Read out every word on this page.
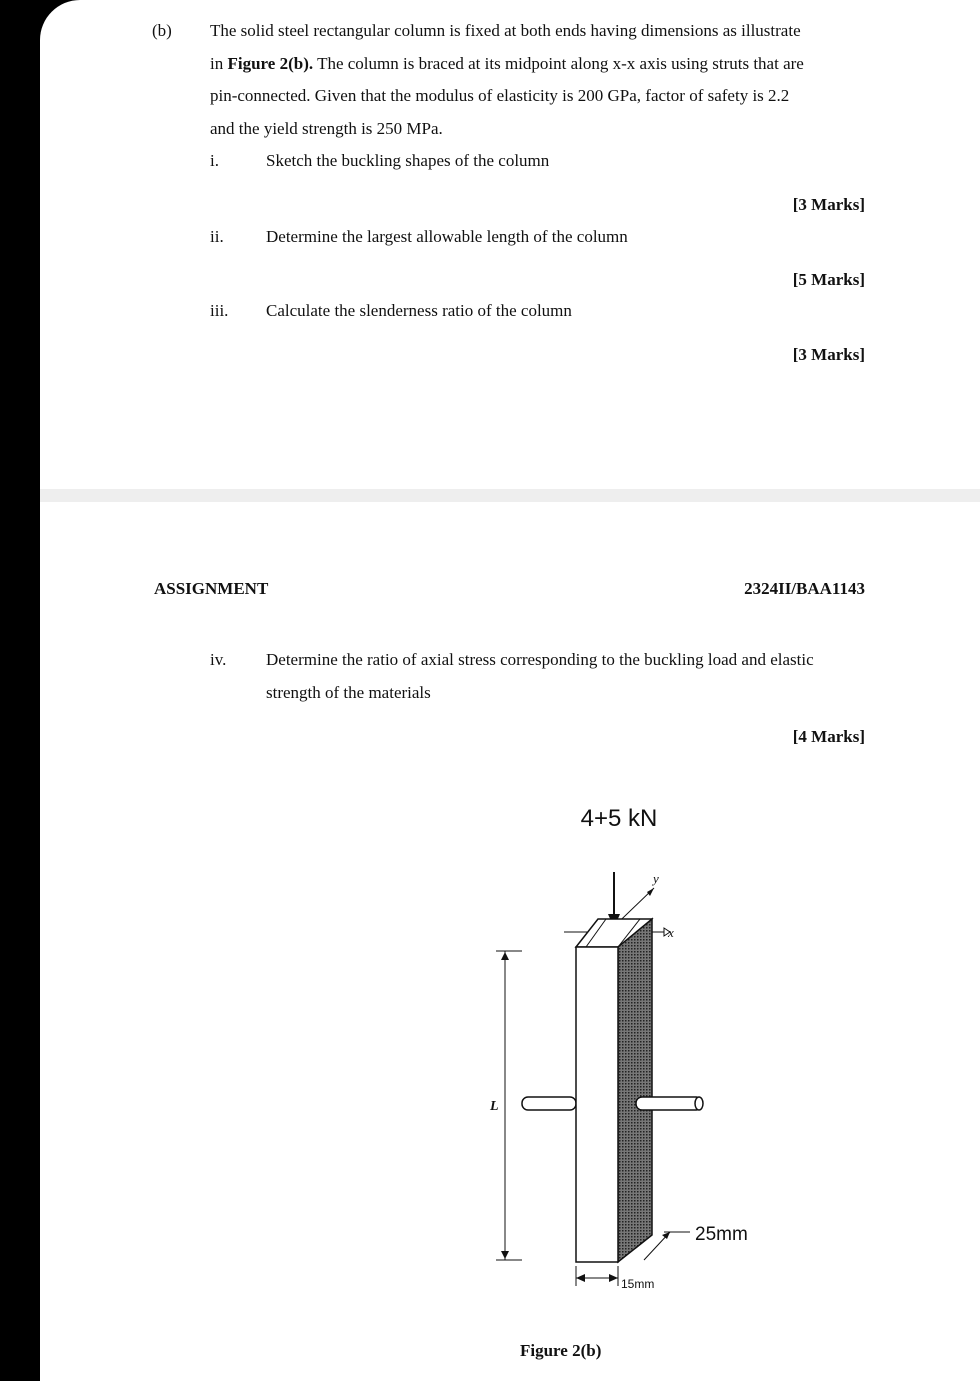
(b) The solid steel rectangular column is fixed at both ends having dimensions as illustrate
in Figure 2(b). The column is braced at its midpoint along x-x axis using struts that are
pin-connected. Given that the modulus of elasticity is 200 GPa, factor of safety is 2.2
and the yield strength is 250 MPa.
i.	Sketch the buckling shapes of the column
[3 Marks]
ii. Determine the largest allowable length of the column
[5 Marks]
iii. Calculate the slenderness ratio of the column
[3 Marks]
ASSIGNMENT	2324II/BAA1143
iv. Determine the ratio of axial stress corresponding to the buckling load and elastic
strength of the materials
[4 Marks]
4+5 kN
y
x
L
25mm
15mm
Figure 2(b)
